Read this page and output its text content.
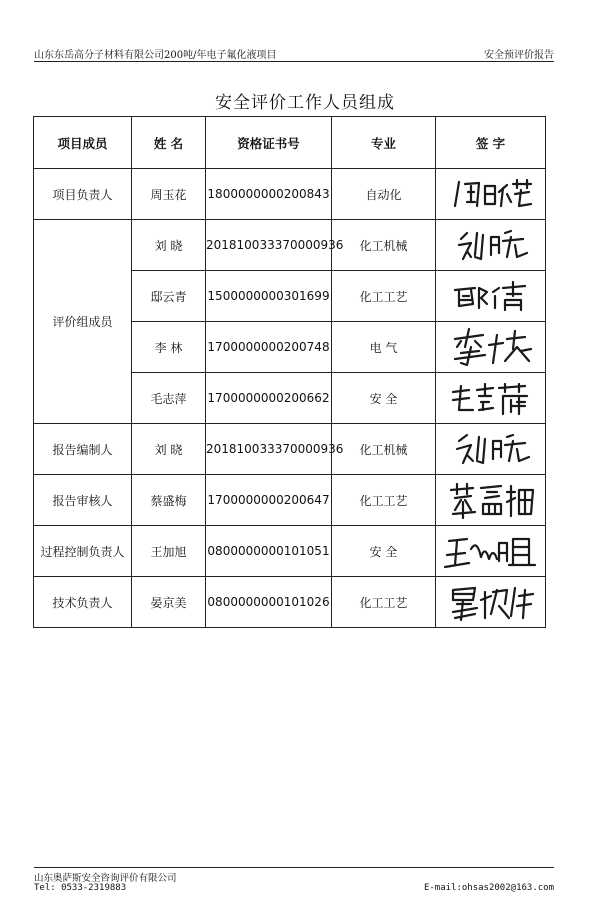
山东东岳高分子材料有限公司200吨/年电子氟化液项目	安全预评价报告
安全评价工作人员组成
项目成员	姓 名	资格证书号	专业	签 字
项目负责人	周玉花	1800000000200843	自动化	

评价组成员	刘 晓	201810033370000936	化工机械	

	邸云青	1500000000301699	化工工艺	

	李 林	1700000000200748	电 气	

	毛志萍	1700000000200662	安 全	

报告编制人	刘 晓	201810033370000936	化工机械	

报告审核人	蔡盛梅	1700000000200647	化工工艺	

过程控制负责人	王加旭	0800000000101051	安 全	

技术负责人	晏京美	0800000000101026	化工工艺	
山东奥萨斯安全咨询评价有限公司
Tel: 0533-2319883	E-mail:ohsas2002@163.com
